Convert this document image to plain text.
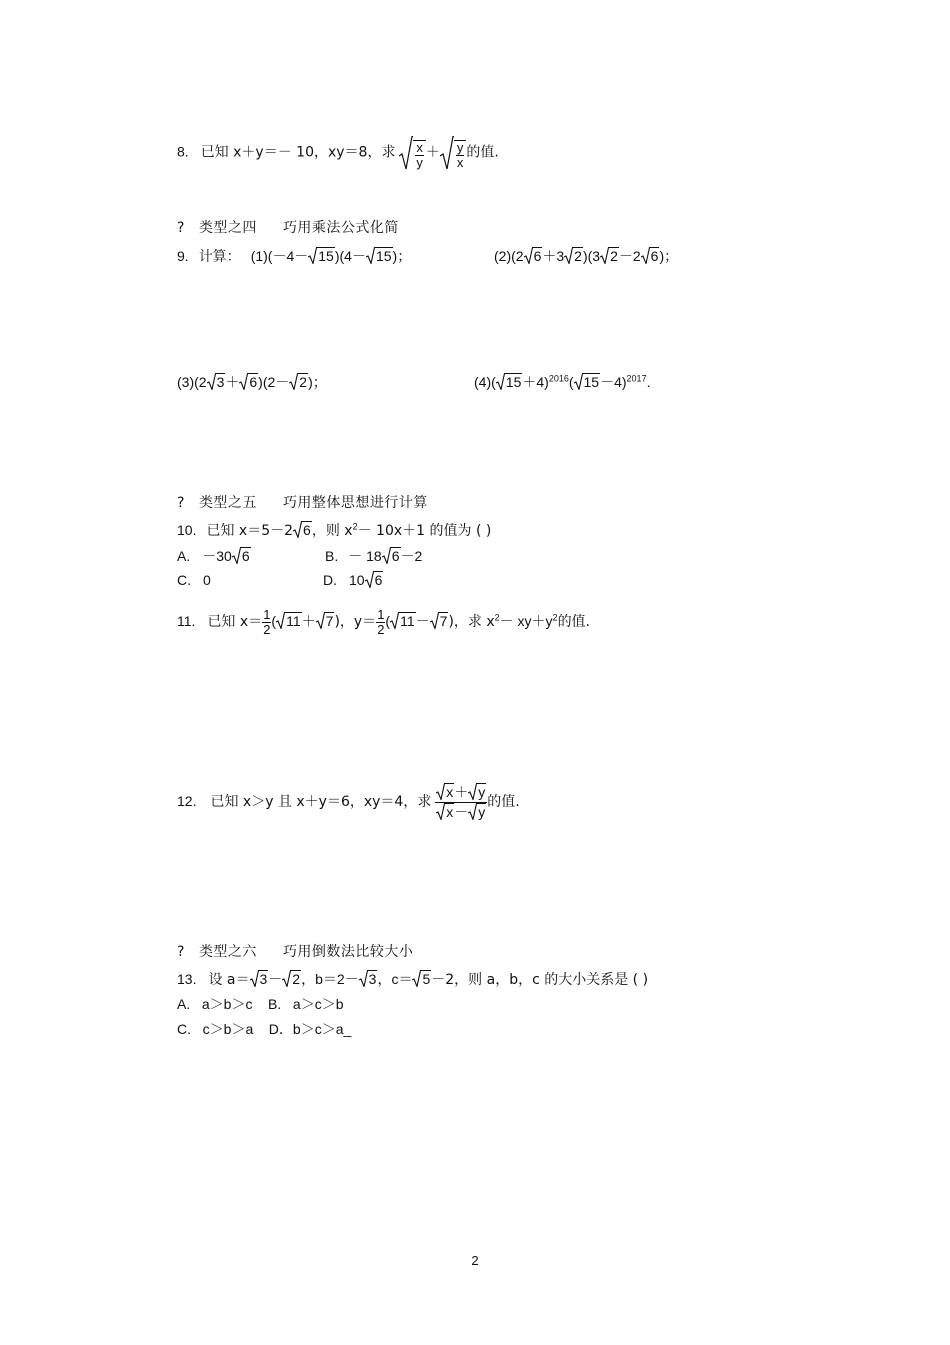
8. 已知 x＋y＝－ 10，xy＝8，求 $\frac{x}{y} + \frac{y}{x}$ 的值.
? 类型之四 巧用乘法公式化简
9. 计算： (1)(－4－ 15 )(4－ 15 )；	(2)(2 6 ＋3 2 )(3 2 －2 6 )；
(3)(2 3 ＋ 6 )(2－ 2 )；	(4)( 15 ＋4)$^{2016}$( 15 －4)$^{2017}$.
? 类型之五 巧用整体思想进行计算
10. 已知 x＝5－2 6 ，则 $x^2- 10x+1$ 的值为 ( )
A. －30 6	B. － 18 6 －2
C. 0	D. 10 6
11. 已知 $x= \frac{1}{2}$ ( 11 ＋ 7 )，$y= \frac{1}{2}$ ( 11 － 7 )，求 $x^2- xy+y^2$的值.
12. 已知 x＞y 且 x＋y＝6，xy＝4，求 $\frac{x + y}{x - y}$ 的值.
? 类型之六 巧用倒数法比较大小
13. 设 a＝ 3 － 2 ，b＝2－ 3 ，c＝ 5 －2，则 a，b，c 的大小关系是 ( )
A.   a＞b＞c    B.   a＞c＞b
C.   c＞b＞a    D．b＞c＞a_
2
